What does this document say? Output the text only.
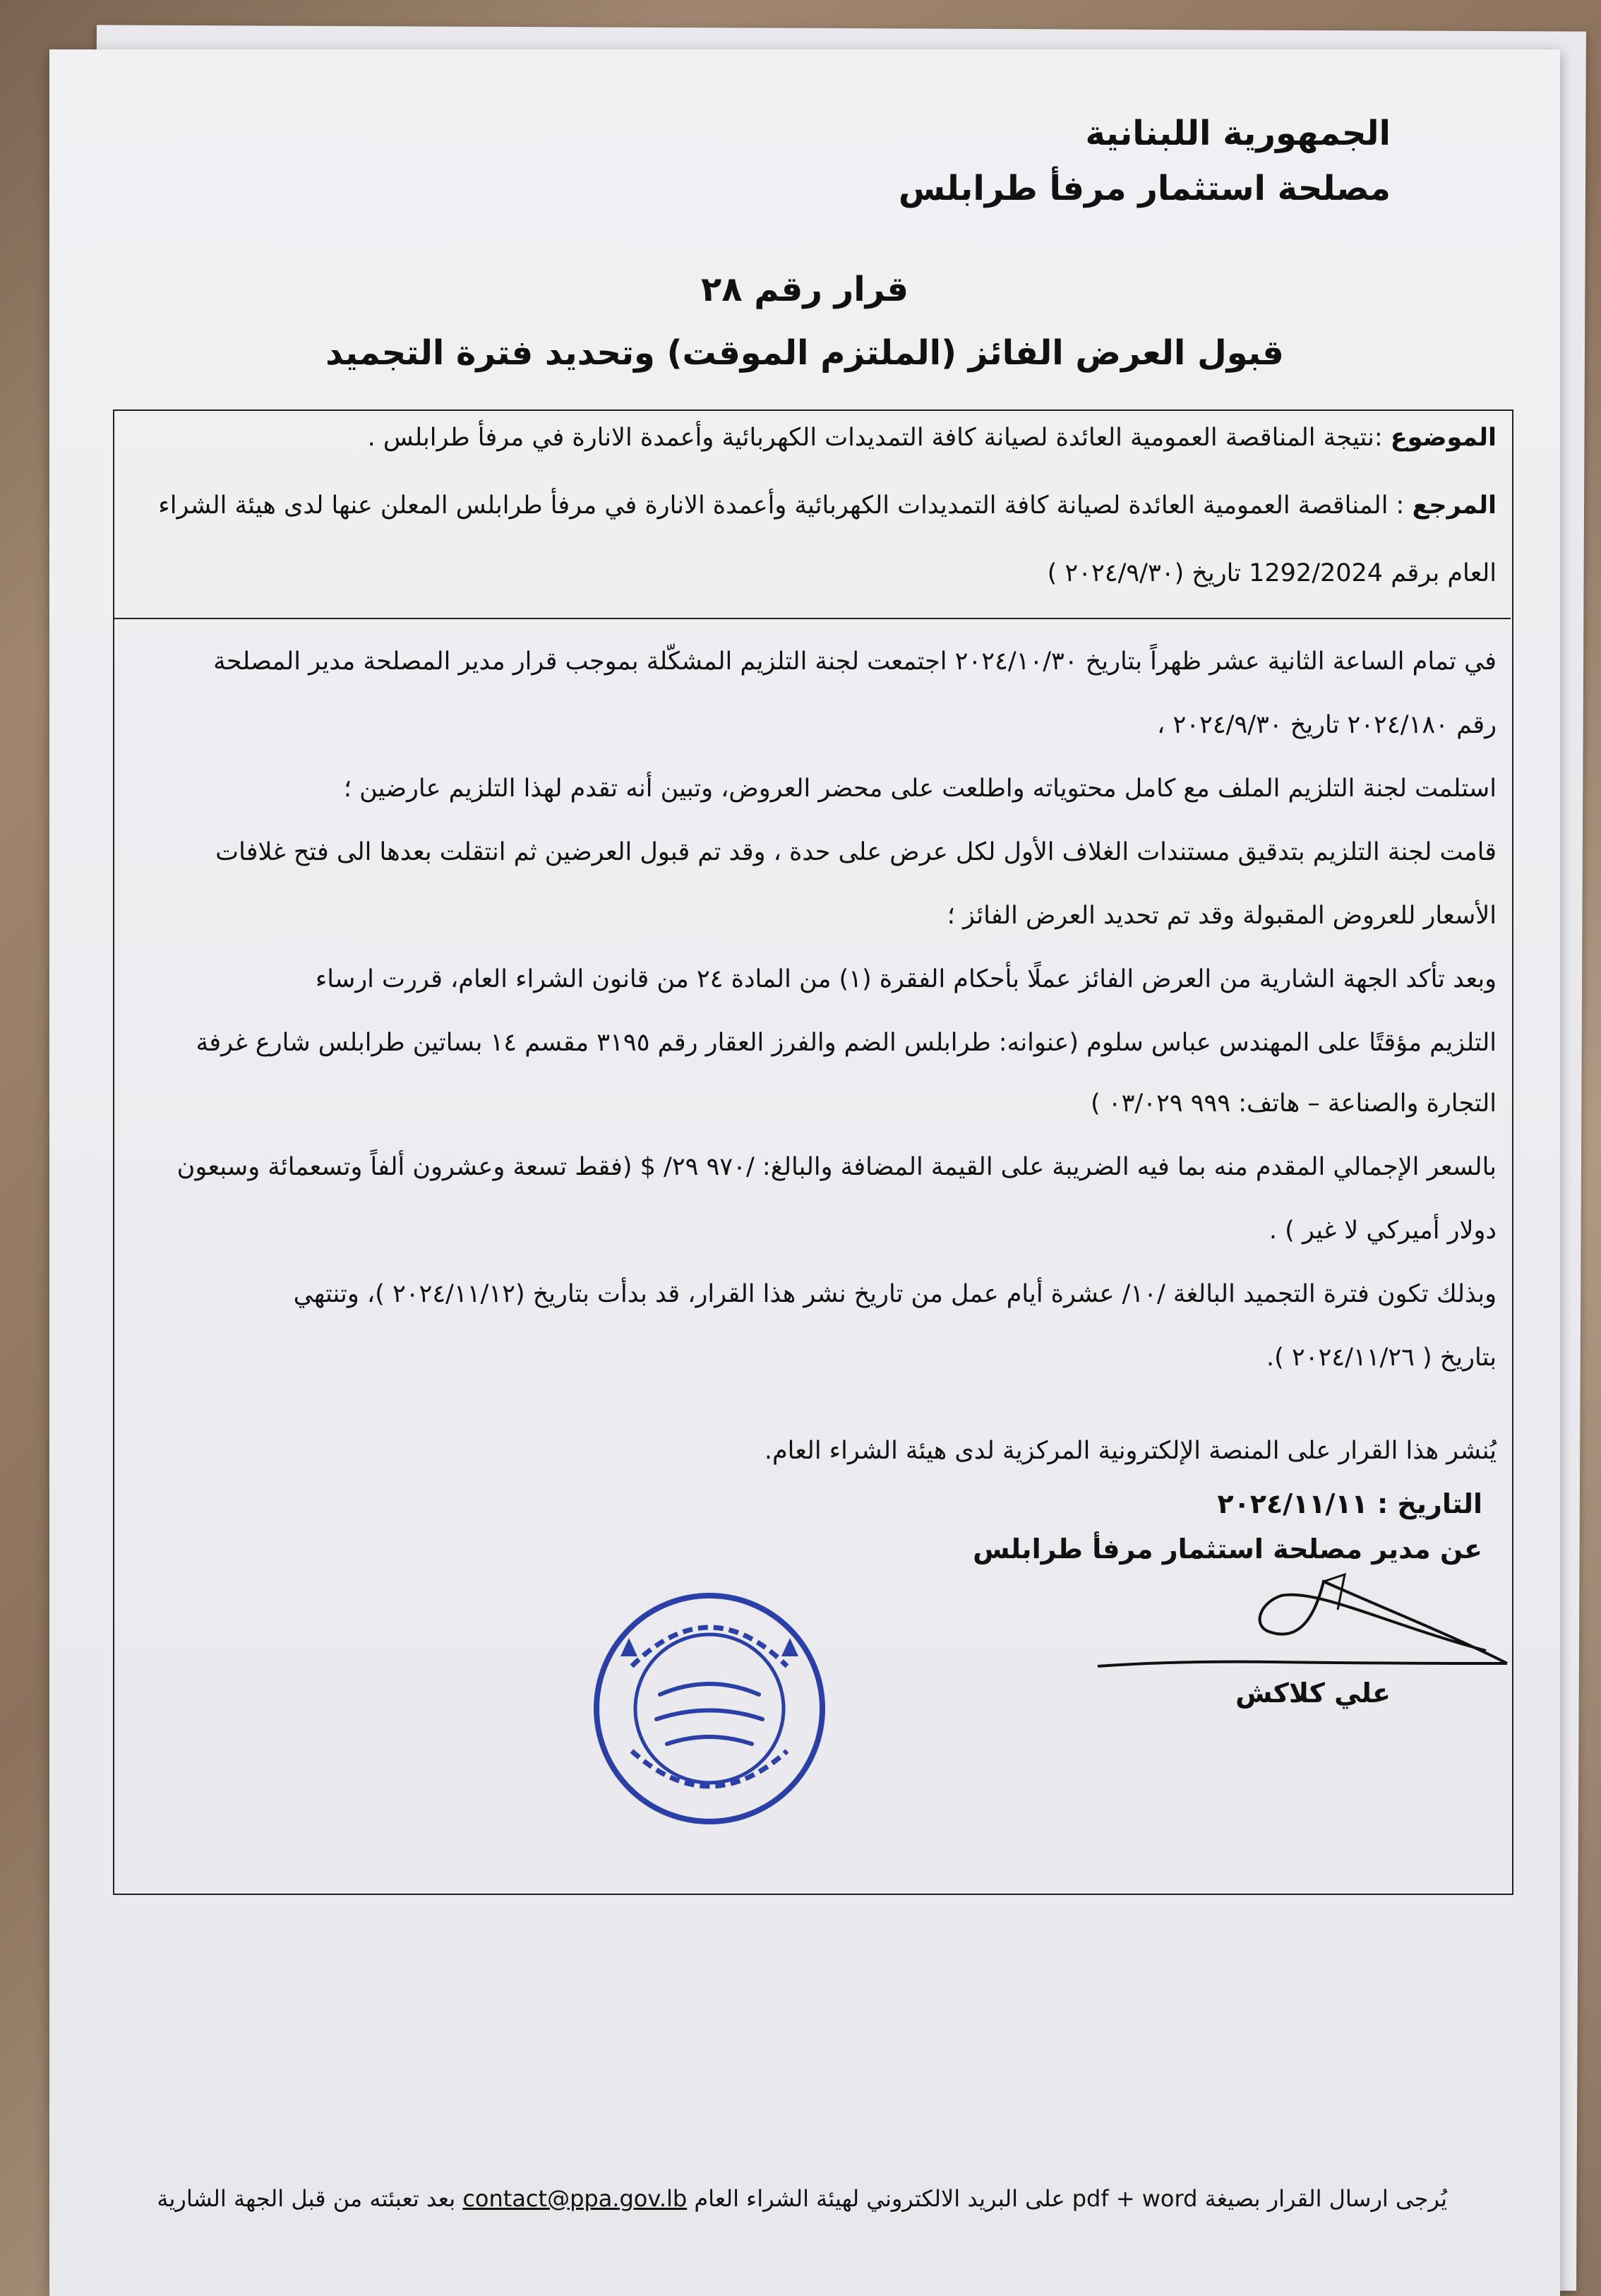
الجمهورية اللبنانية
مصلحة استثمار مرفأ طرابلس
قرار رقم ٢٨
قبول العرض الفائز (الملتزم الموقت) وتحديد فترة التجميد
الموضوع :نتيجة المناقصة العمومية العائدة لصيانة كافة التمديدات الكهربائية وأعمدة الانارة في مرفأ طرابلس .
المرجع : المناقصة العمومية العائدة لصيانة كافة التمديدات الكهربائية وأعمدة الانارة في مرفأ طرابلس المعلن عنها لدى هيئة الشراء
العام برقم 1292/2024 تاريخ (٢٠٢٤/٩/٣٠ )
في تمام الساعة الثانية عشر ظهراً بتاريخ ٢٠٢٤/١٠/٣٠ اجتمعت لجنة التلزيم المشكّلة بموجب قرار مدير المصلحة مدير المصلحة
رقم ٢٠٢٤/١٨٠ تاريخ ٢٠٢٤/٩/٣٠ ،
استلمت لجنة التلزيم الملف مع كامل محتوياته واطلعت على محضر العروض، وتبين أنه تقدم لهذا التلزيم عارضين ؛
قامت لجنة التلزيم بتدقيق مستندات الغلاف الأول لكل عرض على حدة ، وقد تم قبول العرضين ثم انتقلت بعدها الى فتح غلافات
الأسعار للعروض المقبولة وقد تم تحديد العرض الفائز ؛
وبعد تأكد الجهة الشارية من العرض الفائز عملًا بأحكام الفقرة (١) من المادة ٢٤ من قانون الشراء العام، قررت ارساء
التلزيم مؤقتًا على المهندس عباس سلوم (عنوانه: طرابلس الضم والفرز العقار رقم ٣١٩٥ مقسم ١٤ بساتين طرابلس شارع غرفة
التجارة والصناعة – هاتف: ٩٩٩ ٠٣/٠٢٩ )
بالسعر الإجمالي المقدم منه بما فيه الضريبة على القيمة المضافة والبالغ: /٩٧٠ ٢٩/ $ (فقط تسعة وعشرون ألفاً وتسعمائة وسبعون
دولار أميركي لا غير ) .
وبذلك تكون فترة التجميد البالغة /١٠/ عشرة أيام عمل من تاريخ نشر هذا القرار، قد بدأت بتاريخ (٢٠٢٤/١١/١٢ )، وتنتهي
بتاريخ ( ٢٠٢٤/١١/٢٦ ).
يُنشر هذا القرار على المنصة الإلكترونية المركزية لدى هيئة الشراء العام.
التاريخ : ٢٠٢٤/١١/١١
عن مدير مصلحة استثمار مرفأ طرابلس
علي كلاكش
يُرجى ارسال القرار بصيغة pdf + word على البريد الالكتروني لهيئة الشراء العام contact@ppa.gov.lb بعد تعبئته من قبل الجهة الشارية
